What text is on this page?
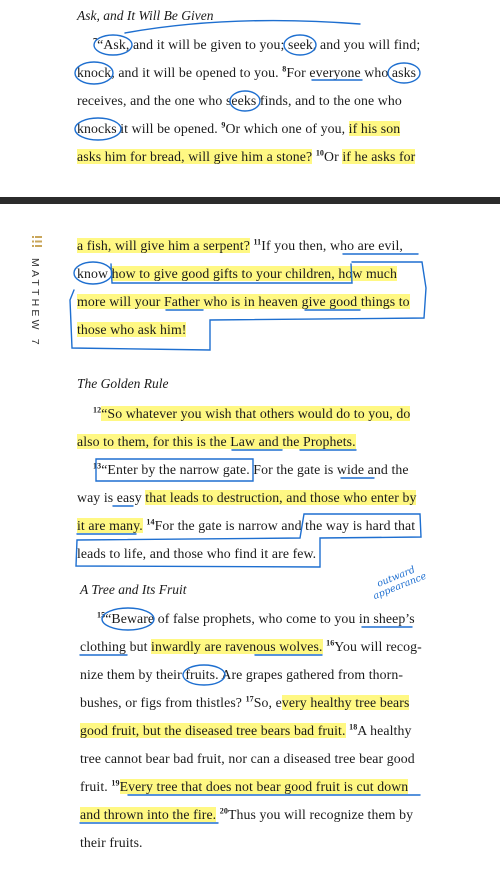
Ask, and It Will Be Given
$^7$“Ask, and it will be given to you; seek, and you will find;
knock, and it will be opened to you. $^8$For everyone who asks
receives, and the one who seeks finds, and to the one who
knocks it will be opened. $^9$Or which one of you, if his son
asks him for bread, will give him a stone? $^{10}$Or if he asks for
MATTHEW 7
a fish, will give him a serpent? $^{11}$If you then, who are evil,
know how to give good gifts to your children, how much
more will your Father who is in heaven give good things to
those who ask him!
The Golden Rule
$^{12}$“So whatever you wish that others would do to you, do
also to them, for this is the Law and the Prophets.
$^{13}$“Enter by the narrow gate. For the gate is wide and the
way is easy that leads to destruction, and those who enter by
it are many. $^{14}$For the gate is narrow and the way is hard that
leads to life, and those who find it are few.
A Tree and Its Fruit
$^{15}$“Beware of false prophets, who come to you in sheep’s
clothing but inwardly are ravenous wolves. $^{16}$You will recog-
nize them by their fruits. Are grapes gathered from thorn-
bushes, or figs from thistles? $^{17}$So, every healthy tree bears
good fruit, but the diseased tree bears bad fruit. $^{18}$A healthy
tree cannot bear bad fruit, nor can a diseased tree bear good
fruit. $^{19}$Every tree that does not bear good fruit is cut down
and thrown into the fire. $^{20}$Thus you will recognize them by
their fruits.
outward appearance
